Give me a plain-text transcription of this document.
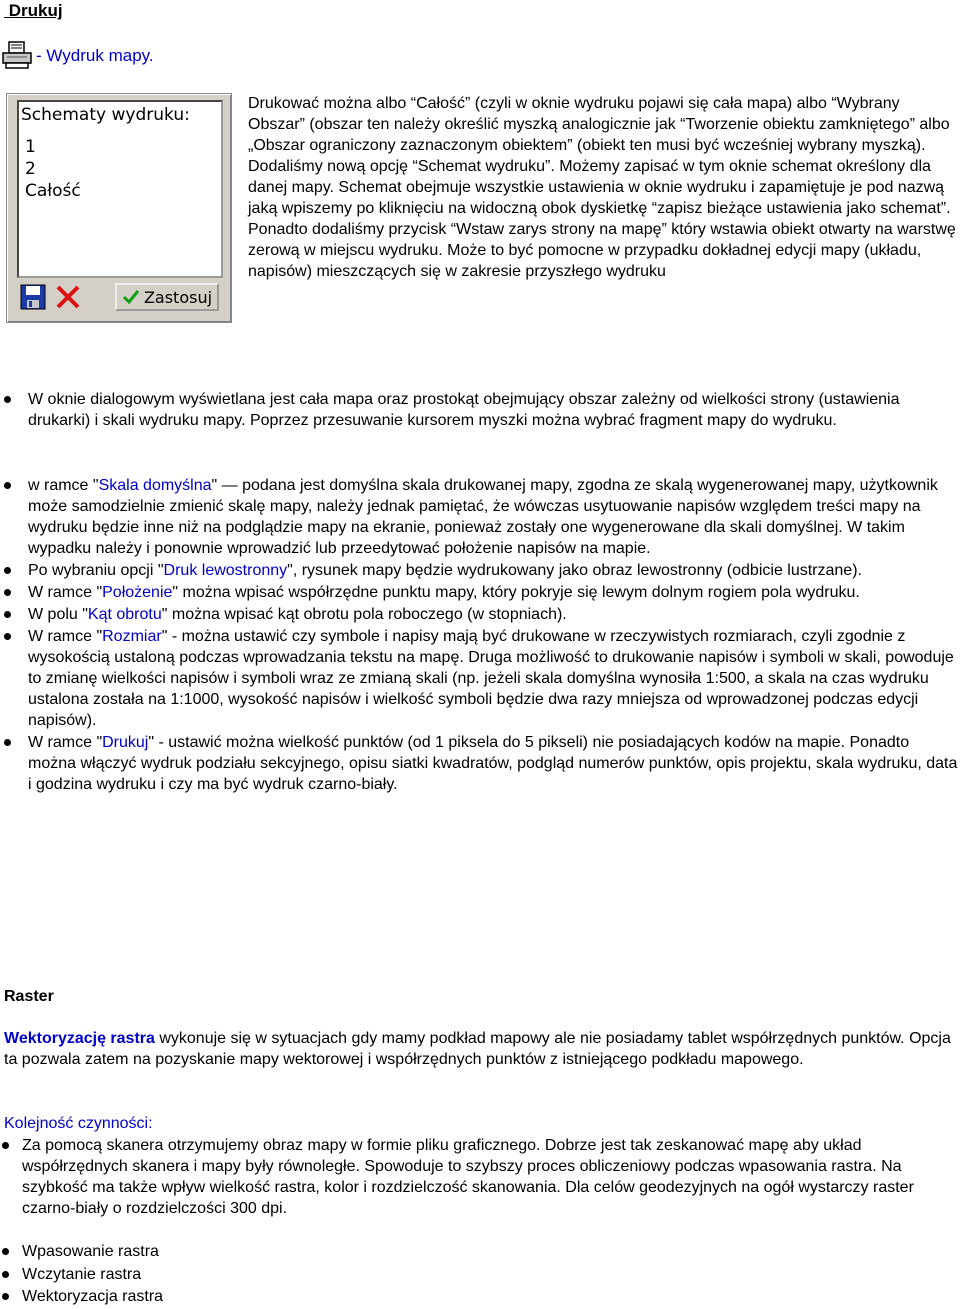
Drukuj
- Wydruk mapy.
Schematy wydruku:
1
2
Całość
Zastosuj
Drukować można albo “Całość” (czyli w oknie wydruku pojawi się cała mapa) albo “Wybrany Obszar” (obszar ten należy określić myszką analogicznie jak “Tworzenie obiektu zamkniętego” albo „Obszar ograniczony zaznaczonym obiektem” (obiekt ten musi być wcześniej wybrany myszką). Dodaliśmy nową opcję “Schemat wydruku”. Możemy zapisać w tym oknie schemat określony dla danej mapy. Schemat obejmuje wszystkie ustawienia w oknie wydruku i zapamiętuje je pod nazwą jaką wpiszemy po kliknięciu na widoczną obok dyskietkę “zapisz bieżące ustawienia jako schemat”. Ponadto dodaliśmy przycisk “Wstaw zarys strony na mapę” który wstawia obiekt otwarty na warstwę zerową w miejscu wydruku. Może to być pomocne w przypadku dokładnej edycji mapy (układu, napisów) mieszczących się w zakresie przyszłego wydruku
W oknie dialogowym wyświetlana jest cała mapa oraz prostokąt obejmujący obszar zależny od wielkości strony (ustawienia drukarki) i skali wydruku mapy. Poprzez przesuwanie kursorem myszki można wybrać fragment mapy do wydruku.
w ramce "Skala domyślna" — podana jest domyślna skala drukowanej mapy, zgodna ze skalą wygenerowanej mapy, użytkownik może samodzielnie zmienić skalę mapy, należy jednak pamiętać, że wówczas usytuowanie napisów względem treści mapy na wydruku będzie inne niż na podglądzie mapy na ekranie, ponieważ zostały one wygenerowane dla skali domyślnej. W takim wypadku należy i ponownie wprowadzić lub przeedytować położenie napisów na mapie.
Po wybraniu opcji "Druk lewostronny", rysunek mapy będzie wydrukowany jako obraz lewostronny (odbicie lustrzane).
W ramce "Położenie" można wpisać współrzędne punktu mapy, który pokryje się lewym dolnym rogiem pola wydruku.
W polu "Kąt obrotu" można wpisać kąt obrotu pola roboczego (w stopniach).
W ramce "Rozmiar" - można ustawić czy symbole i napisy mają być drukowane w rzeczywistych rozmiarach, czyli zgodnie z wysokością ustaloną podczas wprowadzania tekstu na mapę. Druga możliwość to drukowanie napisów i symboli w skali, powoduje to zmianę wielkości napisów i symboli wraz ze zmianą skali (np. jeżeli skala domyślna wynosiła 1:500, a skala na czas wydruku ustalona została na 1:1000, wysokość napisów i wielkość symboli będzie dwa razy mniejsza od wprowadzonej podczas edycji napisów).
W ramce "Drukuj" - ustawić można wielkość punktów (od 1 piksela do 5 pikseli) nie posiadających kodów na mapie. Ponadto można włączyć wydruk podziału sekcyjnego, opisu siatki kwadratów, podgląd numerów punktów, opis projektu, skala wydruku, data i godzina wydruku i czy ma być wydruk czarno-biały.
Raster
Wektoryzację rastra wykonuje się w sytuacjach gdy mamy podkład mapowy ale nie posiadamy tablet współrzędnych punktów. Opcja ta pozwala zatem na pozyskanie mapy wektorowej i współrzędnych punktów z istniejącego podkładu mapowego.
Kolejność czynności:
Za pomocą skanera otrzymujemy obraz mapy w formie pliku graficznego. Dobrze jest tak zeskanować mapę aby układ współrzędnych skanera i mapy były równoległe. Spowoduje to szybszy proces obliczeniowy podczas wpasowania rastra. Na szybkość ma także wpływ wielkość rastra, kolor i rozdzielczość skanowania. Dla celów geodezyjnych na ogół wystarczy raster czarno-biały o rozdzielczości 300 dpi.
Wpasowanie rastra
Wczytanie rastra
Wektoryzacja rastra
